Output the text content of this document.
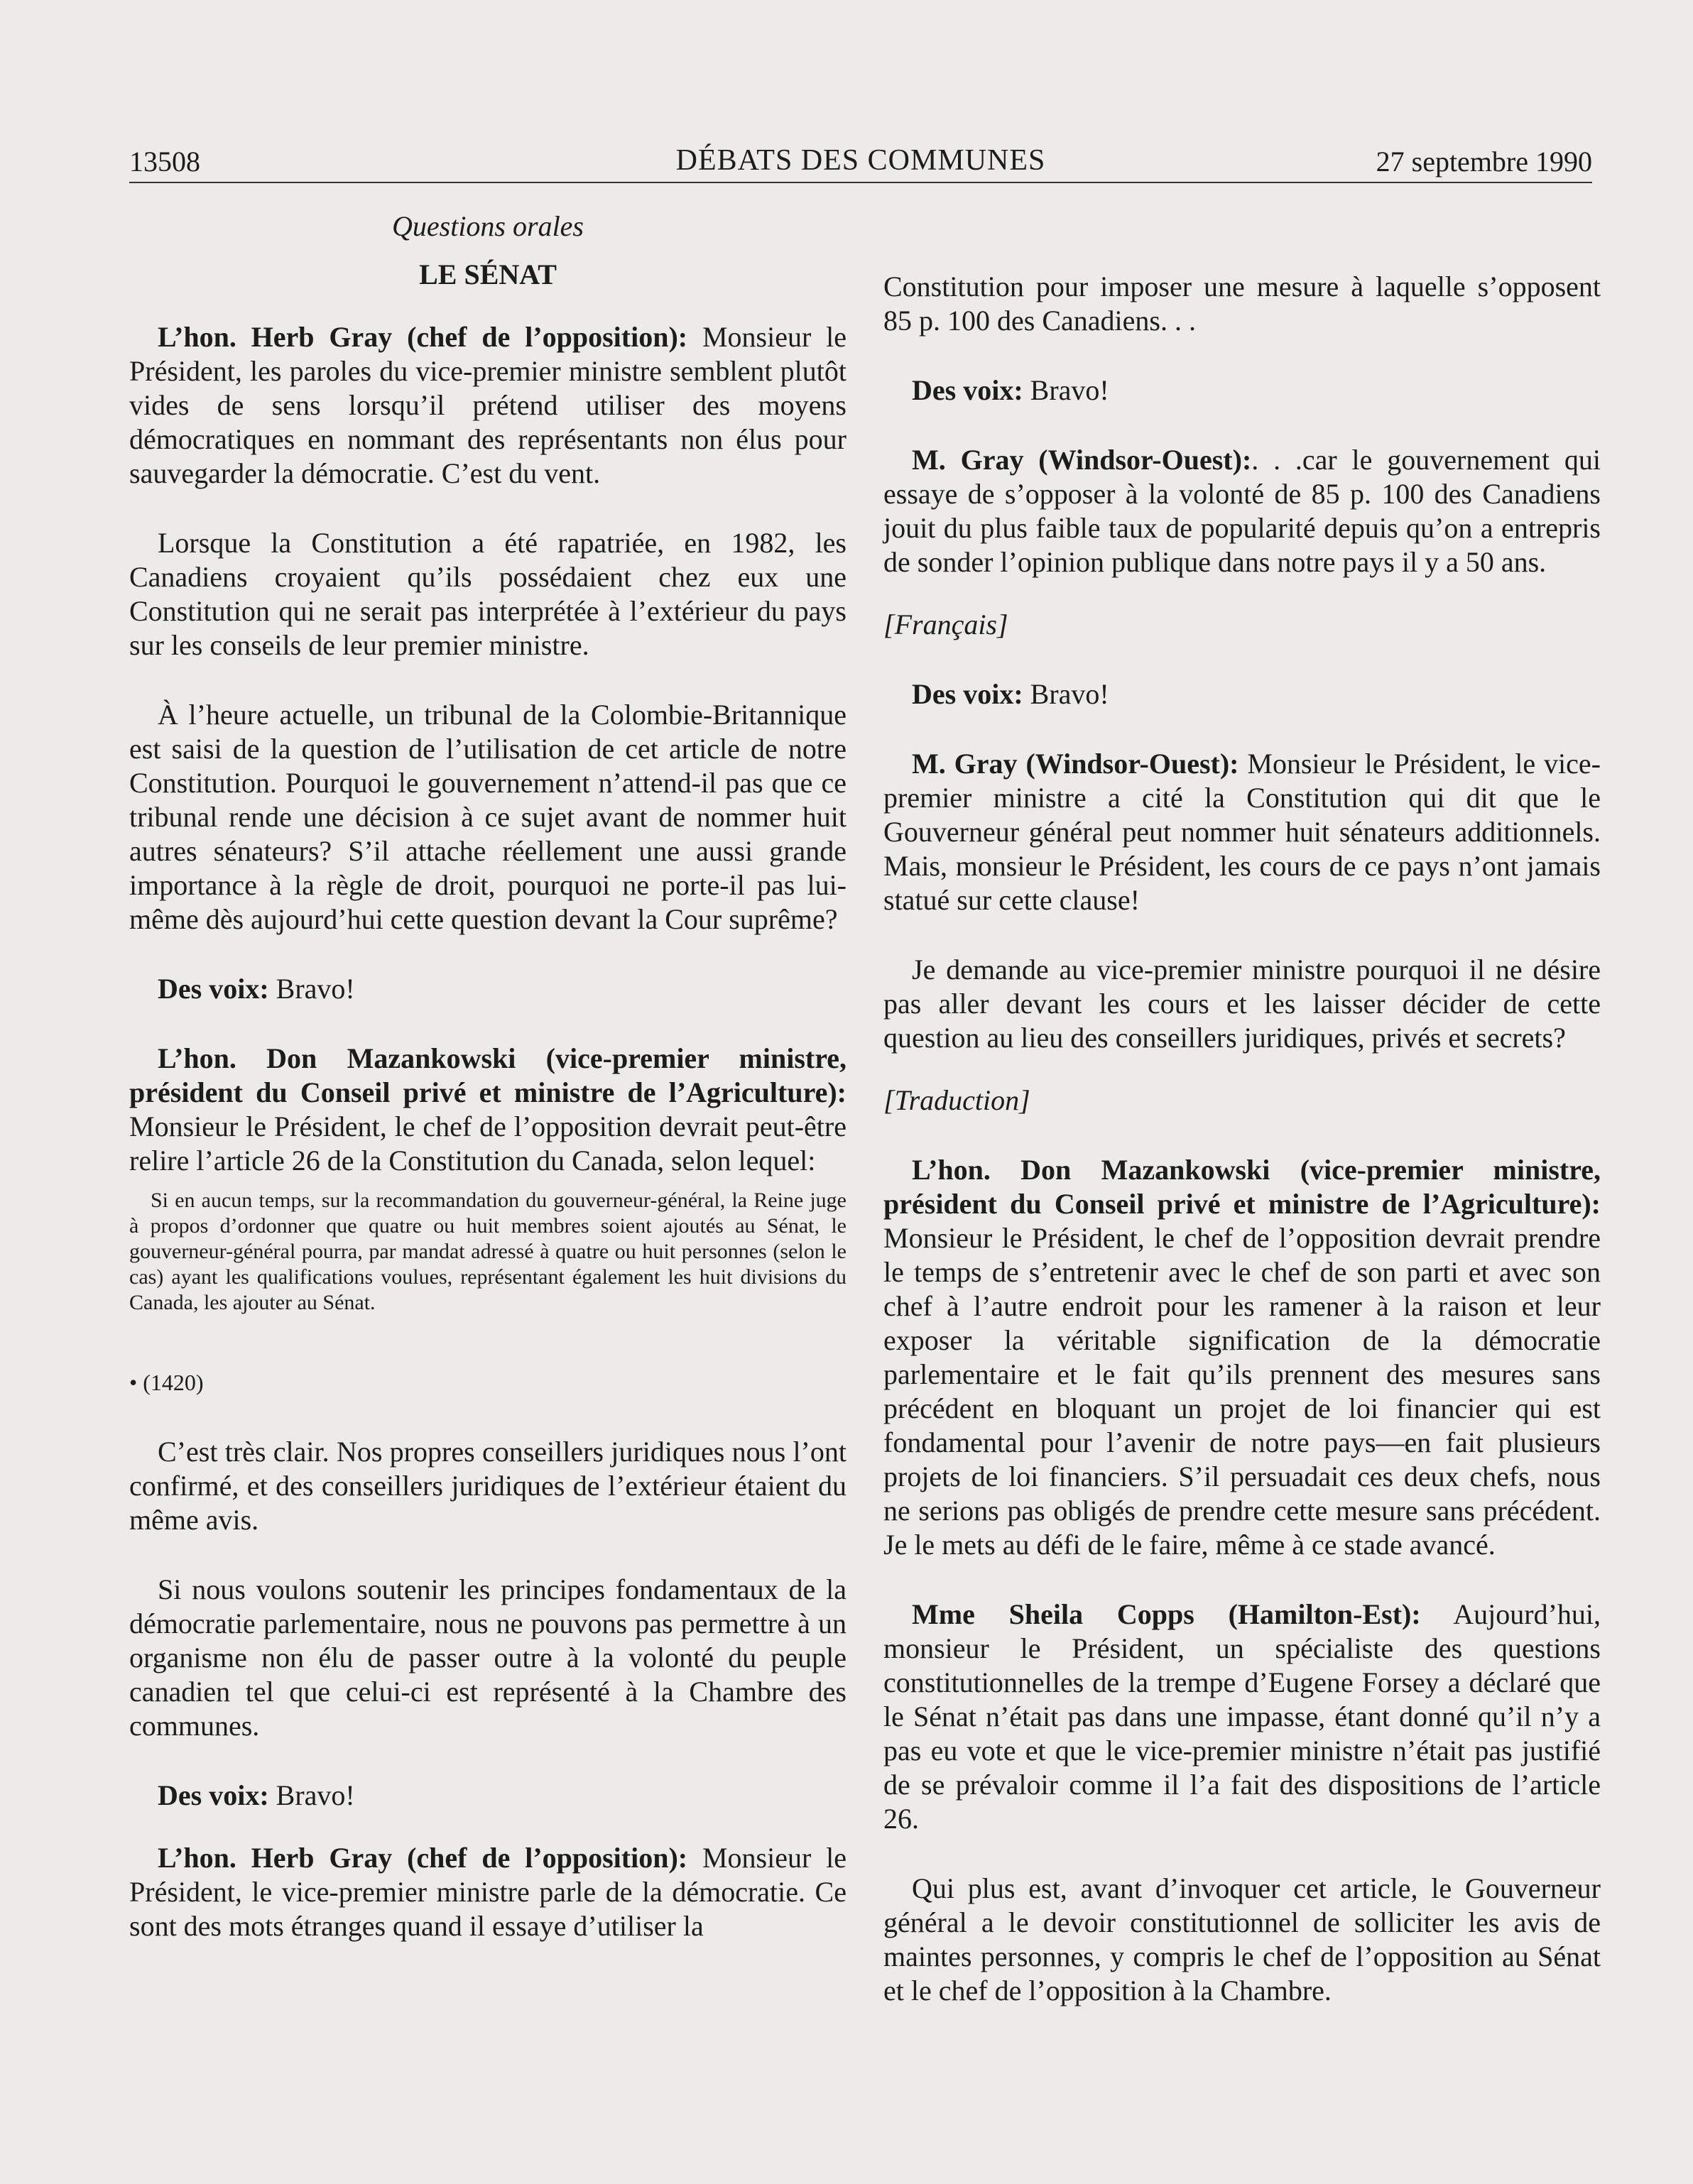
13508	DÉBATS DES COMMUNES	27 septembre 1990

Questions orales

LE SÉNAT

L’hon. Herb Gray (chef de l’opposition): Monsieur le Président, les paroles du vice-premier ministre semblent plutôt vides de sens lorsqu’il prétend utiliser des moyens démocratiques en nommant des représentants non élus pour sauvegarder la démocratie. C’est du vent.

Lorsque la Constitution a été rapatriée, en 1982, les Canadiens croyaient qu’ils possédaient chez eux une Constitution qui ne serait pas interprétée à l’extérieur du pays sur les conseils de leur premier ministre.

À l’heure actuelle, un tribunal de la Colombie-Britannique est saisi de la question de l’utilisation de cet article de notre Constitution. Pourquoi le gouvernement n’attend-il pas que ce tribunal rende une décision à ce sujet avant de nommer huit autres sénateurs? S’il attache réellement une aussi grande importance à la règle de droit, pourquoi ne porte-il pas lui-même dès aujourd’hui cette question devant la Cour suprême?

Des voix: Bravo!

L’hon. Don Mazankowski (vice-premier ministre, président du Conseil privé et ministre de l’Agriculture): Monsieur le Président, le chef de l’opposition devrait peut-être relire l’article 26 de la Constitution du Canada, selon lequel:

Si en aucun temps, sur la recommandation du gouverneur-général, la Reine juge à propos d’ordonner que quatre ou huit membres soient ajoutés au Sénat, le gouverneur-général pourra, par mandat adressé à quatre ou huit personnes (selon le cas) ayant les qualifications voulues, représentant également les huit divisions du Canada, les ajouter au Sénat.

• (1420)

C’est très clair. Nos propres conseillers juridiques nous l’ont confirmé, et des conseillers juridiques de l’extérieur étaient du même avis.

Si nous voulons soutenir les principes fondamentaux de la démocratie parlementaire, nous ne pouvons pas permettre à un organisme non élu de passer outre à la volonté du peuple canadien tel que celui-ci est représenté à la Chambre des communes.

Des voix: Bravo!

L’hon. Herb Gray (chef de l’opposition): Monsieur le Président, le vice-premier ministre parle de la démocratie. Ce sont des mots étranges quand il essaye d’utiliser la

Constitution pour imposer une mesure à laquelle s’opposent 85 p. 100 des Canadiens. . .

Des voix: Bravo!

M. Gray (Windsor-Ouest):. . .car le gouvernement qui essaye de s’opposer à la volonté de 85 p. 100 des Canadiens jouit du plus faible taux de popularité depuis qu’on a entrepris de sonder l’opinion publique dans notre pays il y a 50 ans.

[Français]

Des voix: Bravo!

M. Gray (Windsor-Ouest): Monsieur le Président, le vice-premier ministre a cité la Constitution qui dit que le Gouverneur général peut nommer huit sénateurs additionnels. Mais, monsieur le Président, les cours de ce pays n’ont jamais statué sur cette clause!

Je demande au vice-premier ministre pourquoi il ne désire pas aller devant les cours et les laisser décider de cette question au lieu des conseillers juridiques, privés et secrets?

[Traduction]

L’hon. Don Mazankowski (vice-premier ministre, président du Conseil privé et ministre de l’Agriculture): Monsieur le Président, le chef de l’opposition devrait prendre le temps de s’entretenir avec le chef de son parti et avec son chef à l’autre endroit pour les ramener à la raison et leur exposer la véritable signification de la démocratie parlementaire et le fait qu’ils prennent des mesures sans précédent en bloquant un projet de loi financier qui est fondamental pour l’avenir de notre pays—en fait plusieurs projets de loi financiers. S’il persuadait ces deux chefs, nous ne serions pas obligés de prendre cette mesure sans précédent. Je le mets au défi de le faire, même à ce stade avancé.

Mme Sheila Copps (Hamilton-Est): Aujourd’hui, monsieur le Président, un spécialiste des questions constitutionnelles de la trempe d’Eugene Forsey a déclaré que le Sénat n’était pas dans une impasse, étant donné qu’il n’y a pas eu vote et que le vice-premier ministre n’était pas justifié de se prévaloir comme il l’a fait des dispositions de l’article 26.

Qui plus est, avant d’invoquer cet article, le Gouverneur général a le devoir constitutionnel de solliciter les avis de maintes personnes, y compris le chef de l’opposition au Sénat et le chef de l’opposition à la Chambre.
